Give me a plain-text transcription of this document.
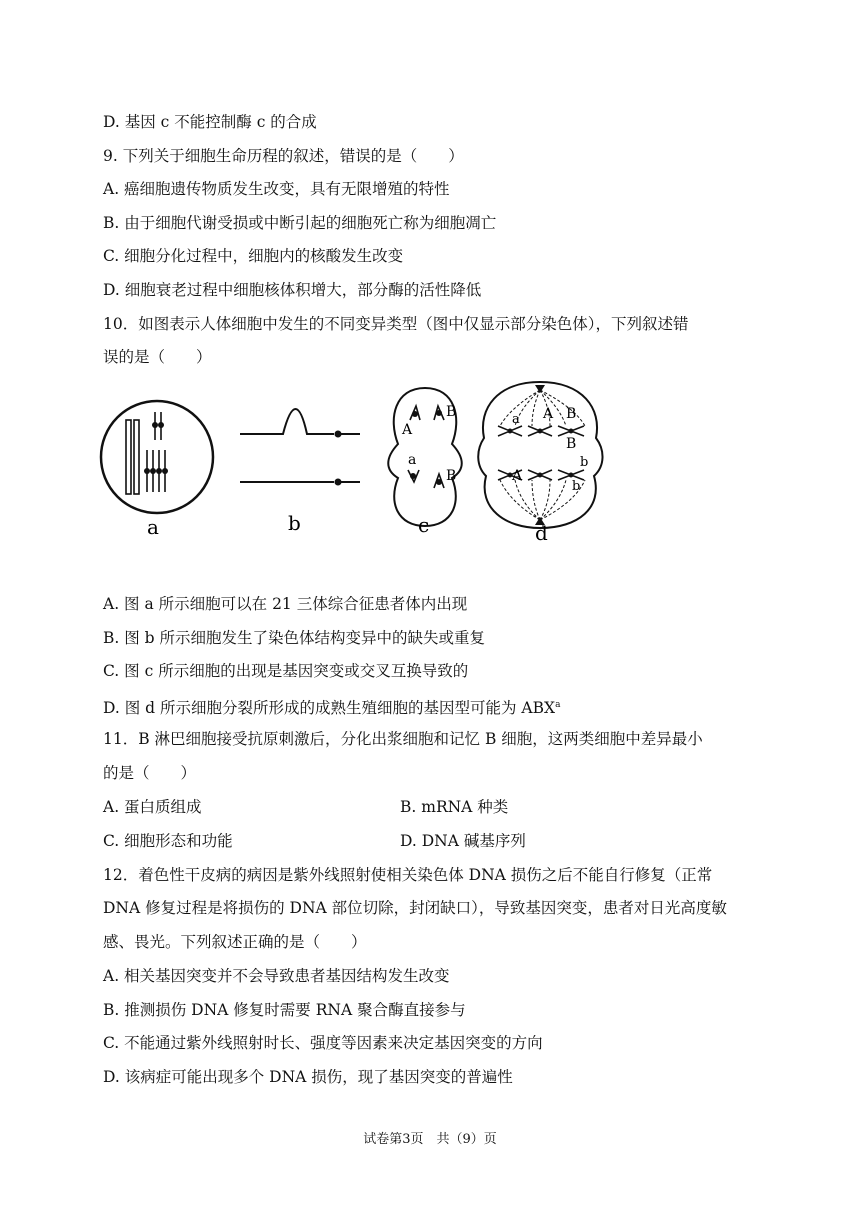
D. 基因 c 不能控制酶 c 的合成
9. 下列关于细胞生命历程的叙述，错误的是（　　）
A. 癌细胞遗传物质发生改变，具有无限增殖的特性
B. 由于细胞代谢受损或中断引起的细胞死亡称为细胞凋亡
C. 细胞分化过程中，细胞内的核酸发生改变
D. 细胞衰老过程中细胞核体积增大，部分酶的活性降低
10．如图表示人体细胞中发生的不同变异类型（图中仅显示部分染色体），下列叙述错
误的是（　　）
A
B
a
B
A B
a
B
A
b
b
a	b	c	d
A. 图 a 所示细胞可以在 21 三体综合征患者体内出现
B. 图 b 所示细胞发生了染色体结构变异中的缺失或重复
C. 图 c 所示细胞的出现是基因突变或交叉互换导致的
D. 图 d 所示细胞分裂所形成的成熟生殖细胞的基因型可能为 ABX$^a$
11．B 淋巴细胞接受抗原刺激后，分化出浆细胞和记忆 B 细胞，这两类细胞中差异最小
的是（　　）
A. 蛋白质组成	B. mRNA 种类
C. 细胞形态和功能	D. DNA 碱基序列
12．着色性干皮病的病因是紫外线照射使相关染色体 DNA 损伤之后不能自行修复（正常
DNA 修复过程是将损伤的 DNA 部位切除，封闭缺口），导致基因突变，患者对日光高度敏
感、畏光。下列叙述正确的是（　　）
A. 相关基因突变并不会导致患者基因结构发生改变
B. 推测损伤 DNA 修复时需要 RNA 聚合酶直接参与
C. 不能通过紫外线照射时长、强度等因素来决定基因突变的方向
D. 该病症可能出现多个 DNA 损伤，现了基因突变的普遍性
试卷第3页　共（9）页
